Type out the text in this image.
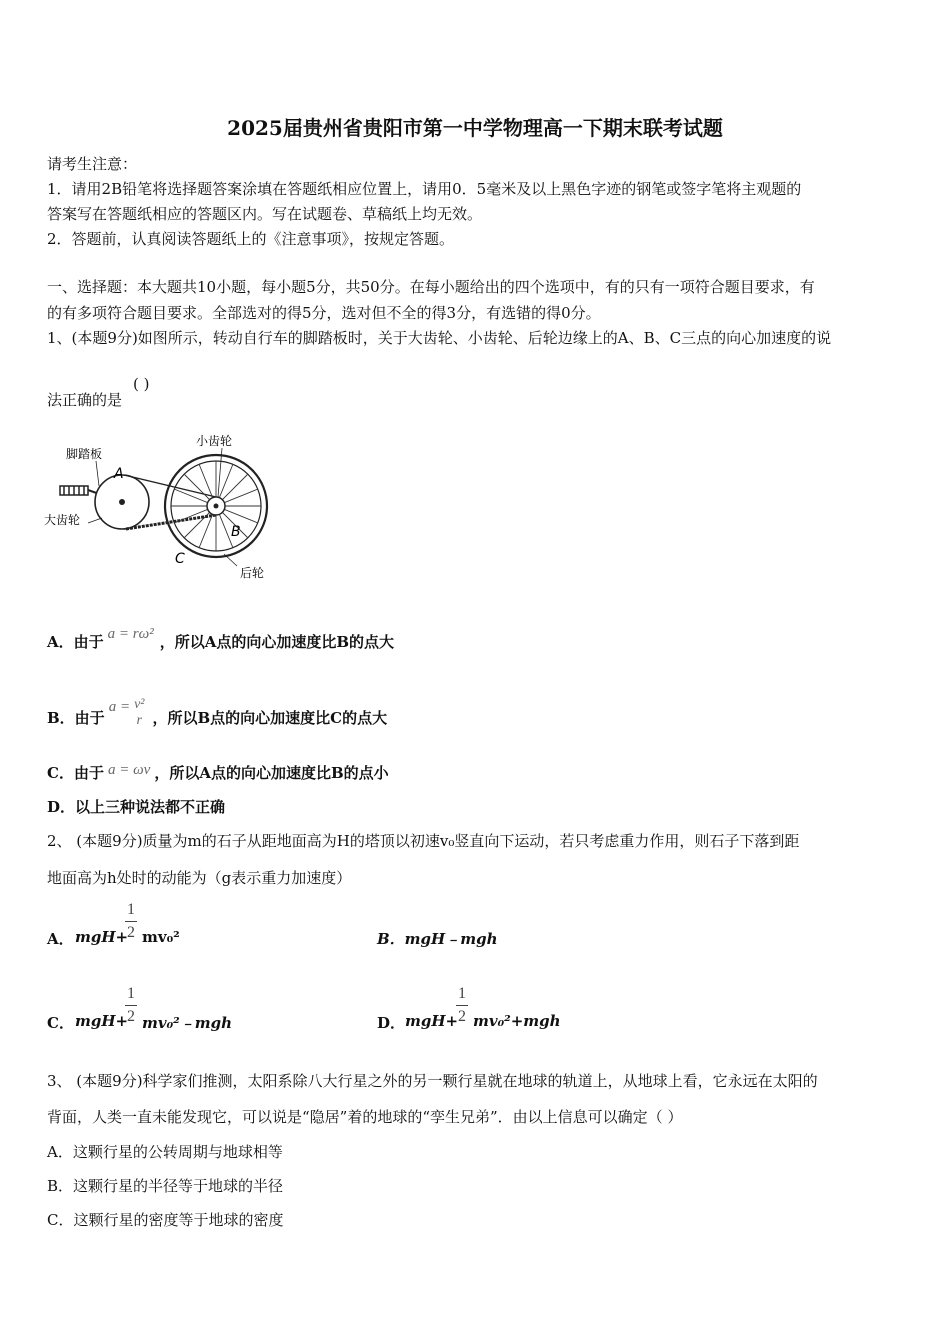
2025届贵州省贵阳市第一中学物理高一下期末联考试题
请考生注意：
1．请用2B铅笔将选择题答案涂填在答题纸相应位置上，请用0．5毫米及以上黑色字迹的钢笔或签字笔将主观题的
答案写在答题纸相应的答题区内。写在试题卷、草稿纸上均无效。
2．答题前，认真阅读答题纸上的《注意事项》，按规定答题。
一、选择题：本大题共10小题，每小题5分，共50分。在每小题给出的四个选项中，有的只有一项符合题目要求，有
的有多项符合题目要求。全部选对的得5分，选对但不全的得3分，有选错的得0分。
1、(本题9分)如图所示，转动自行车的脚踏板时，关于大齿轮、小齿轮、后轮边缘上的A、B、C三点的向心加速度的说
法正确的是
( )
脚踏板
大齿轮
小齿轮
后轮
A
B
C
A．由于 a = rω² ，所以A点的向心加速度比B的点大
B．由于a = v²
r ，所以B点的向心加速度比C的点大
C．由于 a = ωv ，所以A点的向心加速度比B的点小
D．以上三种说法都不正确
2、 (本题9分)质量为m的石子从距地面高为H的塔顶以初速v₀竖直向下运动，若只考虑重力作用，则石子下落到距
地面高为h处时的动能为（g表示重力加速度）
A． mgH+
1
2 mv₀²	B．mgH﹣mgh
C． mgH+
1
2 mv₀²﹣mgh	D． mgH+
1
2 mv₀²+mgh
3、 (本题9分)科学家们推测，太阳系除八大行星之外的另一颗行星就在地球的轨道上，从地球上看，它永远在太阳的
背面，人类一直未能发现它，可以说是“隐居”着的地球的“孪生兄弟”．由以上信息可以确定（ ）
A．这颗行星的公转周期与地球相等
B．这颗行星的半径等于地球的半径
C．这颗行星的密度等于地球的密度
